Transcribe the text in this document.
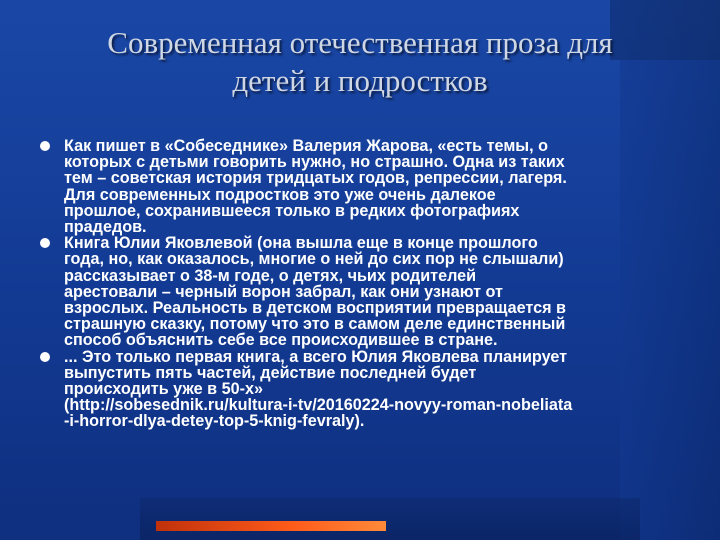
Современная отечественная проза для
детей и подростков
Как пишет в «Собеседнике» Валерия Жарова, «есть темы, о
которых с детьми говорить нужно, но страшно. Одна из таких
тем – советская история тридцатых годов, репрессии, лагеря.
Для современных подростков это уже очень далекое
прошлое, сохранившееся только в редких фотографиях
прадедов.
Книга Юлии Яковлевой (она вышла еще в конце прошлого
года, но, как оказалось, многие о ней до сих пор не слышали)
рассказывает о 38-м годе, о детях, чьих родителей
арестовали – черный ворон забрал, как они узнают от
взрослых. Реальность в детском восприятии превращается в
страшную сказку, потому что это в самом деле единственный
способ объяснить себе все происходившее в стране.
... Это только первая книга, а всего Юлия Яковлева планирует
выпустить пять частей, действие последней будет
происходить уже в 50-х»
(http://sobesednik.ru/kultura-i-tv/20160224-novyy-roman-nobeliata
-i-horror-dlya-detey-top-5-knig-fevraly).
